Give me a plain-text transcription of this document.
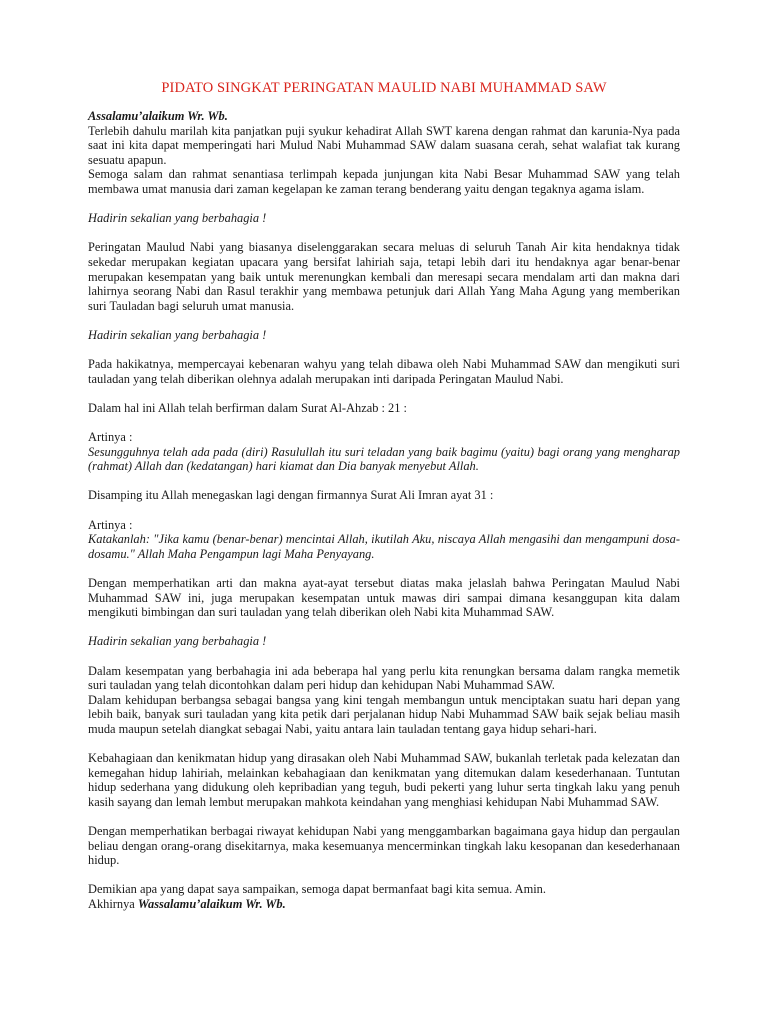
PIDATO SINGKAT PERINGATAN MAULID NABI MUHAMMAD SAW

Assalamu’alaikum Wr. Wb.

Terlebih dahulu marilah kita panjatkan puji syukur kehadirat Allah SWT karena dengan rahmat dan karunia-Nya pada saat ini kita dapat memperingati hari Mulud Nabi Muhammad SAW dalam suasana cerah, sehat walafiat tak kurang sesuatu apapun.

Semoga salam dan rahmat senantiasa terlimpah kepada junjungan kita Nabi Besar Muhammad SAW yang telah membawa umat manusia dari zaman kegelapan ke zaman terang benderang yaitu dengan tegaknya agama islam.

Hadirin sekalian yang berbahagia !

Peringatan Maulud Nabi yang biasanya diselenggarakan secara meluas di seluruh Tanah Air kita hendaknya tidak sekedar merupakan kegiatan upacara yang bersifat lahiriah saja, tetapi lebih dari itu hendaknya agar benar-benar merupakan kesempatan yang baik untuk merenungkan kembali dan meresapi secara mendalam arti dan makna dari lahirnya seorang Nabi dan Rasul terakhir yang membawa petunjuk dari Allah Yang Maha Agung yang memberikan suri Tauladan bagi seluruh umat manusia.

Hadirin sekalian yang berbahagia !

Pada hakikatnya, mempercayai kebenaran wahyu yang telah dibawa oleh Nabi Muhammad SAW dan mengikuti suri tauladan yang telah diberikan olehnya adalah merupakan inti daripada Peringatan Maulud Nabi.

Dalam hal ini Allah telah berfirman dalam Surat Al-Ahzab : 21 :

Artinya :

Sesungguhnya telah ada pada (diri) Rasulullah itu suri teladan yang baik bagimu (yaitu) bagi orang yang mengharap (rahmat) Allah dan (kedatangan) hari kiamat dan Dia banyak menyebut Allah.

Disamping itu Allah menegaskan lagi dengan firmannya Surat Ali Imran ayat 31 :

Artinya :

Katakanlah: "Jika kamu (benar-benar) mencintai Allah, ikutilah Aku, niscaya Allah mengasihi dan mengampuni dosa-dosamu." Allah Maha Pengampun lagi Maha Penyayang.

Dengan memperhatikan arti dan makna ayat-ayat tersebut diatas maka jelaslah bahwa Peringatan Maulud Nabi Muhammad SAW ini, juga merupakan kesempatan untuk mawas diri sampai dimana kesanggupan kita dalam mengikuti bimbingan dan suri tauladan yang telah diberikan oleh Nabi kita Muhammad SAW.

Hadirin sekalian yang berbahagia !

Dalam kesempatan yang berbahagia ini ada beberapa hal yang perlu kita renungkan bersama dalam rangka memetik suri tauladan yang telah dicontohkan dalam peri hidup dan kehidupan Nabi Muhammad SAW.

Dalam kehidupan berbangsa sebagai bangsa yang kini tengah membangun untuk menciptakan suatu hari depan yang lebih baik, banyak suri tauladan yang kita petik dari perjalanan hidup Nabi Muhammad SAW baik sejak beliau masih muda maupun setelah diangkat sebagai Nabi, yaitu antara lain tauladan tentang gaya hidup sehari-hari.

Kebahagiaan dan kenikmatan hidup yang dirasakan oleh Nabi Muhammad SAW, bukanlah terletak pada kelezatan dan kemegahan hidup lahiriah, melainkan kebahagiaan dan kenikmatan yang ditemukan dalam kesederhanaan. Tuntutan hidup sederhana yang didukung oleh kepribadian yang teguh, budi pekerti yang luhur serta tingkah laku yang penuh kasih sayang dan lemah lembut merupakan mahkota keindahan yang menghiasi kehidupan Nabi Muhammad SAW.

Dengan memperhatikan berbagai riwayat kehidupan Nabi yang menggambarkan bagaimana gaya hidup dan pergaulan beliau dengan orang-orang disekitarnya, maka kesemuanya mencerminkan tingkah laku kesopanan dan kesederhanaan hidup.

Demikian apa yang dapat saya sampaikan, semoga dapat bermanfaat bagi kita semua. Amin.

Akhirnya Wassalamu’alaikum Wr. Wb.
